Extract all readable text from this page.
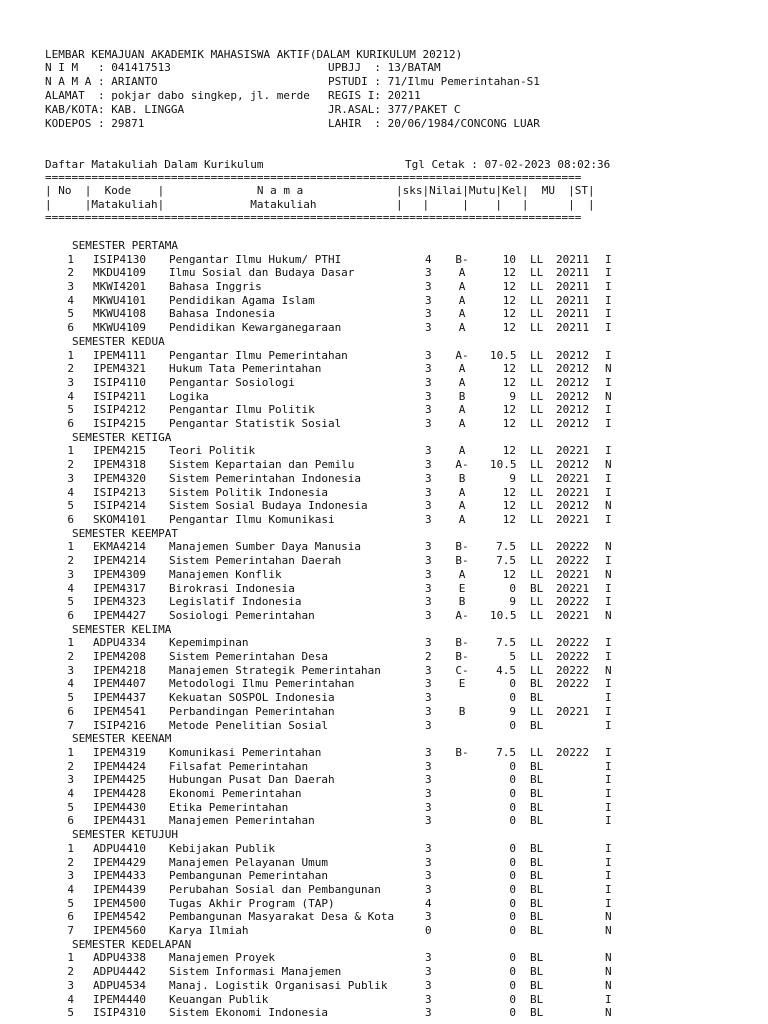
LEMBAR KEMAJUAN AKADEMIK MAHASISWA AKTIF(DALAM KURIKULUM 20212)
N I M   : 041417513
N A M A : ARIANTO
ALAMAT  : pokjar dabo singkep, jl. merde
KAB/KOTA: KAB. LINGGA
KODEPOS : 29871
UPBJJ  : 13/BATAM
PSTUDI : 71/Ilmu Pemerintahan-S1
REGIS I: 20211
JR.ASAL: 377/PAKET C
LAHIR  : 20/06/1984/CONCONG LUAR
Daftar Matakuliah Dalam Kurikulum	Tgl Cetak : 07-02-2023 08:02:36
=================================================================================
| No  |  Kode    |              N a m a              |sks|Nilai|Mutu|Kel|  MU  |ST|
|     |Matakuliah|             Matakuliah            |   |     |    |   |      |  |
=================================================================================
SEMESTER PERTAMA
1 ISIP4130 Pengantar Ilmu Hukum/ PTHI	4	B-	10 LL 20211 I
2 MKDU4109 Ilmu Sosial dan Budaya Dasar	3	A	12 LL 20211 I
3 MKWI4201 Bahasa Inggris	3	A	12 LL 20211 I
4 MKWU4101 Pendidikan Agama Islam	3	A	12 LL 20211 I
5 MKWU4108 Bahasa Indonesia	3	A	12 LL 20211 I
6 MKWU4109 Pendidikan Kewarganegaraan	3	A	12 LL 20211 I
SEMESTER KEDUA
1 IPEM4111 Pengantar Ilmu Pemerintahan	3	A-	10.5 LL 20212 I
2 IPEM4321 Hukum Tata Pemerintahan	3	A	12 LL 20212 N
3 ISIP4110 Pengantar Sosiologi	3	A	12 LL 20212 I
4 ISIP4211 Logika	3	B	9 LL 20212 N
5 ISIP4212 Pengantar Ilmu Politik	3	A	12 LL 20212 I
6 ISIP4215 Pengantar Statistik Sosial	3	A	12 LL 20212 I
SEMESTER KETIGA
1 IPEM4215 Teori Politik	3	A	12 LL 20221 I
2 IPEM4318 Sistem Kepartaian dan Pemilu	3	A-	10.5 LL 20212 N
3 IPEM4320 Sistem Pemerintahan Indonesia	3	B	9 LL 20221 I
4 ISIP4213 Sistem Politik Indonesia	3	A	12 LL 20221 I
5 ISIP4214 Sistem Sosial Budaya Indonesia	3	A	12 LL 20212 N
6 SKOM4101 Pengantar Ilmu Komunikasi	3	A	12 LL 20221 I
SEMESTER KEEMPAT
1 EKMA4214 Manajemen Sumber Daya Manusia	3	B-	7.5 LL 20222 N
2 IPEM4214 Sistem Pemerintahan Daerah	3	B-	7.5 LL 20222 I
3 IPEM4309 Manajemen Konflik	3	A	12 LL 20221 N
4 IPEM4317 Birokrasi Indonesia	3	E	0 BL 20221 I
5 IPEM4323 Legislatif Indonesia	3	B	9 LL 20222 I
6 IPEM4427 Sosiologi Pemerintahan	3	A-	10.5 LL 20221 N
SEMESTER KELIMA
1 ADPU4334 Kepemimpinan	3	B-	7.5 LL 20222 I
2 IPEM4208 Sistem Pemerintahan Desa	2	B-	5 LL 20222 I
3 IPEM4218 Manajemen Strategik Pemerintahan	3	C-	4.5 LL 20222 N
4 IPEM4407 Metodologi Ilmu Pemerintahan	3	E	0 BL 20222 I
5 IPEM4437 Kekuatan SOSPOL Indonesia	3	0 BL	I
6 IPEM4541 Perbandingan Pemerintahan	3	B	9 LL 20221 I
7 ISIP4216 Metode Penelitian Sosial	3	0 BL	I
SEMESTER KEENAM
1 IPEM4319 Komunikasi Pemerintahan	3	B-	7.5 LL 20222 I
2 IPEM4424 Filsafat Pemerintahan	3	0 BL	I
3 IPEM4425 Hubungan Pusat Dan Daerah	3	0 BL	I
4 IPEM4428 Ekonomi Pemerintahan	3	0 BL	I
5 IPEM4430 Etika Pemerintahan	3	0 BL	I
6 IPEM4431 Manajemen Pemerintahan	3	0 BL	I
SEMESTER KETUJUH
1 ADPU4410 Kebijakan Publik	3	0 BL	I
2 IPEM4429 Manajemen Pelayanan Umum	3	0 BL	I
3 IPEM4433 Pembangunan Pemerintahan	3	0 BL	I
4 IPEM4439 Perubahan Sosial dan Pembangunan	3	0 BL	I
5 IPEM4500 Tugas Akhir Program (TAP)	4	0 BL	I
6 IPEM4542 Pembangunan Masyarakat Desa & Kota	3	0 BL	N
7 IPEM4560 Karya Ilmiah	0	0 BL	N
SEMESTER KEDELAPAN
1 ADPU4338 Manajemen Proyek	3	0 BL	N
2 ADPU4442 Sistem Informasi Manajemen	3	0 BL	N
3 ADPU4534 Manaj. Logistik Organisasi Publik	3	0 BL	N
4 IPEM4440 Keuangan Publik	3	0 BL	I
5 ISIP4310 Sistem Ekonomi Indonesia	3	0 BL	N
